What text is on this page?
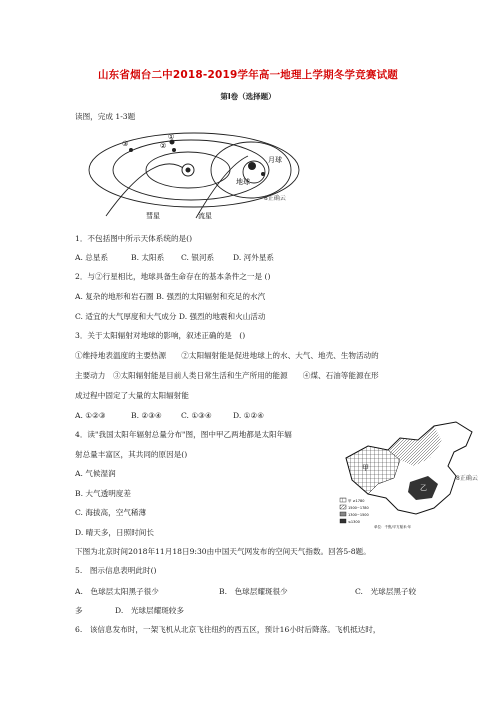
山东省烟台二中2018-2019学年高一地理上学期冬学竞赛试题
第Ⅰ卷（选择题）
读图，完成 1-3题
①
②
③
地球
月球
彗星	流星
8正确云
1．不包括图中所示天体系统的是()
A. 总星系	B. 太阳系 C. 银河系 D. 河外星系
2．与②行星相比，地球具备生命存在的基本条件之一是 ()
A. 复杂的地形和岩石圈 B. 强烈的太阳辐射和充足的水汽
C. 适宜的大气厚度和大气成分 D. 强烈的地震和火山活动
3．关于太阳辐射对地球的影响，叙述正确的是　()
①维持地表温度的主要热源　　②太阳辐射能是促进地球上的水、大气、地壳、生物活动的
主要动力　③太阳辐射能是目前人类日常生活和生产所用的能源　　④煤、石油等能源在形
成过程中固定了大量的太阳辐射能
A. ①②③	B. ②③④	C. ①③④	D. ①②④
4．读"我国太阳年辐射总量分布"图，图中甲乙两地都是太阳年辐
射总量丰富区，其共同的原因是()
A. 气候湿润
B. 大气透明度差
C. 海拔高，空气稀薄
D. 晴天多，日照时间长
甲
乙
甲 ≥1780
1500~1780
1300~1500
≤1300
单位：千焦/平方厘米·年
8正确云
下图为北京时间2018年11月18日9:30由中国天气网发布的空间天气指数。回答5-8题。
5.　图示信息表明此时()
A.　色球层太阳黑子很少	B.　色球层耀斑很少	C.　光球层黑子较
多	D.　光球层耀斑较多
6.　该信息发布时，一架飞机从北京飞往纽约的西五区，预计16小时后降落。飞机抵达时，
